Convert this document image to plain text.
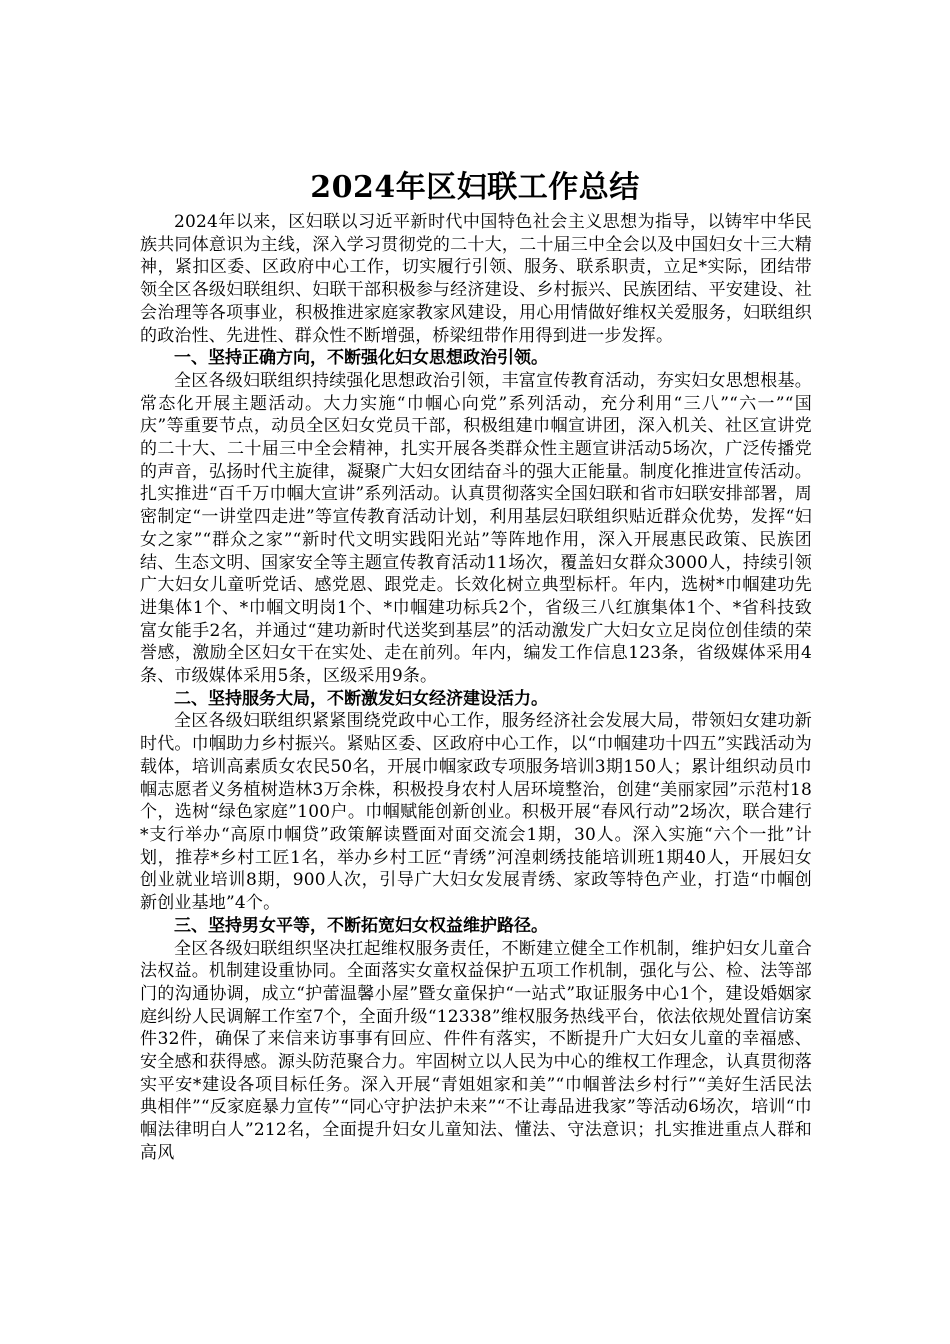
2024年区妇联工作总结

2024年以来，区妇联以习近平新时代中国特色社会主义思想为指导，以铸牢中华民族共同体意识为主线，深入学习贯彻党的二十大，二十届三中全会以及中国妇女十三大精神，紧扣区委、区政府中心工作，切实履行引领、服务、联系职责，立足*实际，团结带领全区各级妇联组织、妇联干部积极参与经济建设、乡村振兴、民族团结、平安建设、社会治理等各项事业，积极推进家庭家教家风建设，用心用情做好维权关爱服务，妇联组织的政治性、先进性、群众性不断增强，桥梁纽带作用得到进一步发挥。

一、坚持正确方向，不断强化妇女思想政治引领。

全区各级妇联组织持续强化思想政治引领，丰富宣传教育活动，夯实妇女思想根基。常态化开展主题活动。大力实施“巾帼心向党”系列活动，充分利用“三八”“六一”“国庆”等重要节点，动员全区妇女党员干部，积极组建巾帼宣讲团，深入机关、社区宣讲党的二十大、二十届三中全会精神，扎实开展各类群众性主题宣讲活动5场次，广泛传播党的声音，弘扬时代主旋律，凝聚广大妇女团结奋斗的强大正能量。制度化推进宣传活动。扎实推进“百千万巾帼大宣讲”系列活动。认真贯彻落实全国妇联和省市妇联安排部署，周密制定“一讲堂四走进”等宣传教育活动计划，利用基层妇联组织贴近群众优势，发挥“妇女之家”“群众之家”“新时代文明实践阳光站”等阵地作用，深入开展惠民政策、民族团结、生态文明、国家安全等主题宣传教育活动11场次，覆盖妇女群众3000人，持续引领广大妇女儿童听党话、感党恩、跟党走。长效化树立典型标杆。年内，选树*巾帼建功先进集体1个、*巾帼文明岗1个、*巾帼建功标兵2个，省级三八红旗集体1个、*省科技致富女能手2名，并通过“建功新时代送奖到基层”的活动激发广大妇女立足岗位创佳绩的荣誉感，激励全区妇女干在实处、走在前列。年内，编发工作信息123条，省级媒体采用4条、市级媒体采用5条，区级采用9条。

二、坚持服务大局，不断激发妇女经济建设活力。

全区各级妇联组织紧紧围绕党政中心工作，服务经济社会发展大局，带领妇女建功新时代。巾帼助力乡村振兴。紧贴区委、区政府中心工作，以“巾帼建功十四五”实践活动为载体，培训高素质女农民50名，开展巾帼家政专项服务培训3期150人；累计组织动员巾帼志愿者义务植树造林3万余株，积极投身农村人居环境整治，创建“美丽家园”示范村18个，选树“绿色家庭”100户。巾帼赋能创新创业。积极开展“春风行动”2场次，联合建行*支行举办“高原巾帼贷”政策解读暨面对面交流会1期，30人。深入实施“六个一批”计划，推荐*乡村工匠1名，举办乡村工匠“青绣”河湟刺绣技能培训班1期40人，开展妇女创业就业培训8期，900人次，引导广大妇女发展青绣、家政等特色产业，打造“巾帼创新创业基地”4个。

三、坚持男女平等，不断拓宽妇女权益维护路径。

全区各级妇联组织坚决扛起维权服务责任，不断建立健全工作机制，维护妇女儿童合法权益。机制建设重协同。全面落实女童权益保护五项工作机制，强化与公、检、法等部门的沟通协调，成立“护蕾温馨小屋”暨女童保护“一站式”取证服务中心1个，建设婚姻家庭纠纷人民调解工作室7个，全面升级“12338”维权服务热线平台，依法依规处置信访案件32件，确保了来信来访事事有回应、件件有落实，不断提升广大妇女儿童的幸福感、安全感和获得感。源头防范聚合力。牢固树立以人民为中心的维权工作理念，认真贯彻落实平安*建设各项目标任务。深入开展“青姐姐家和美”“巾帼普法乡村行”“美好生活民法典相伴”“反家庭暴力宣传”“同心守护法护未来”“不让毒品进我家”等活动6场次，培训“巾帼法律明白人”212名，全面提升妇女儿童知法、懂法、守法意识；扎实推进重点人群和高风
